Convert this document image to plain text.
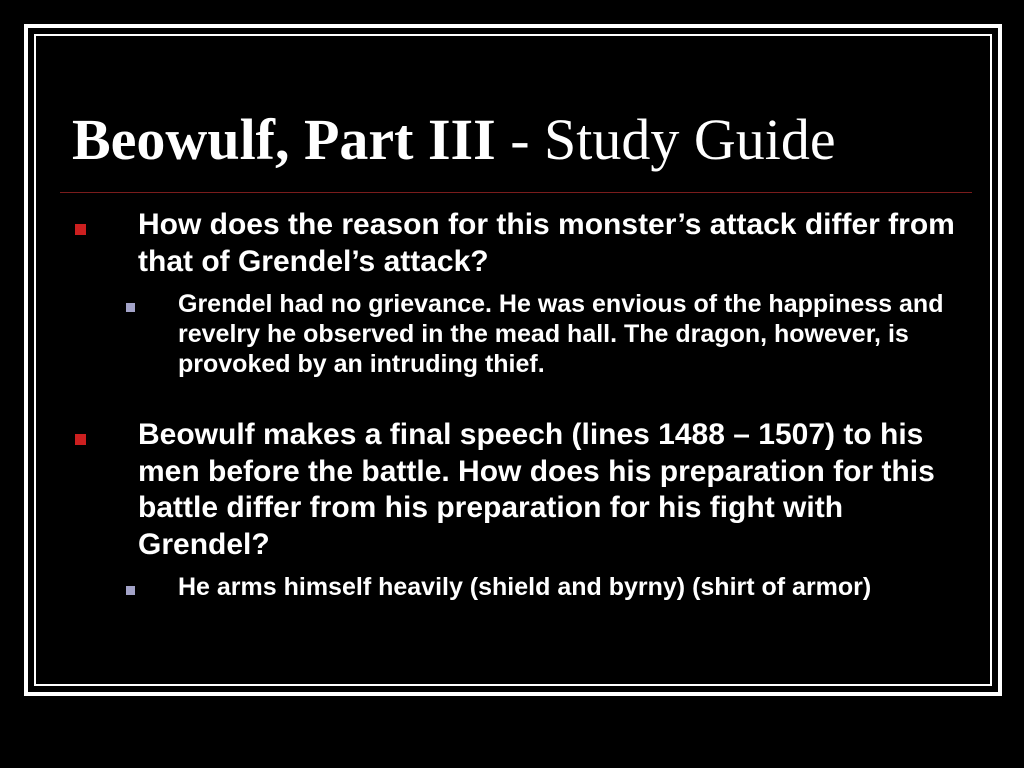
Beowulf, Part III - Study Guide
How does the reason for this monster’s attack differ from that of Grendel’s attack?
Grendel had no grievance. He was envious of the happiness and revelry he observed in the mead hall. The dragon, however, is provoked by an intruding thief.
Beowulf makes a final speech (lines 1488 – 1507) to his men before the battle. How does his preparation for this battle differ from his preparation for his fight with Grendel?
He arms himself heavily (shield and byrny) (shirt of armor)
